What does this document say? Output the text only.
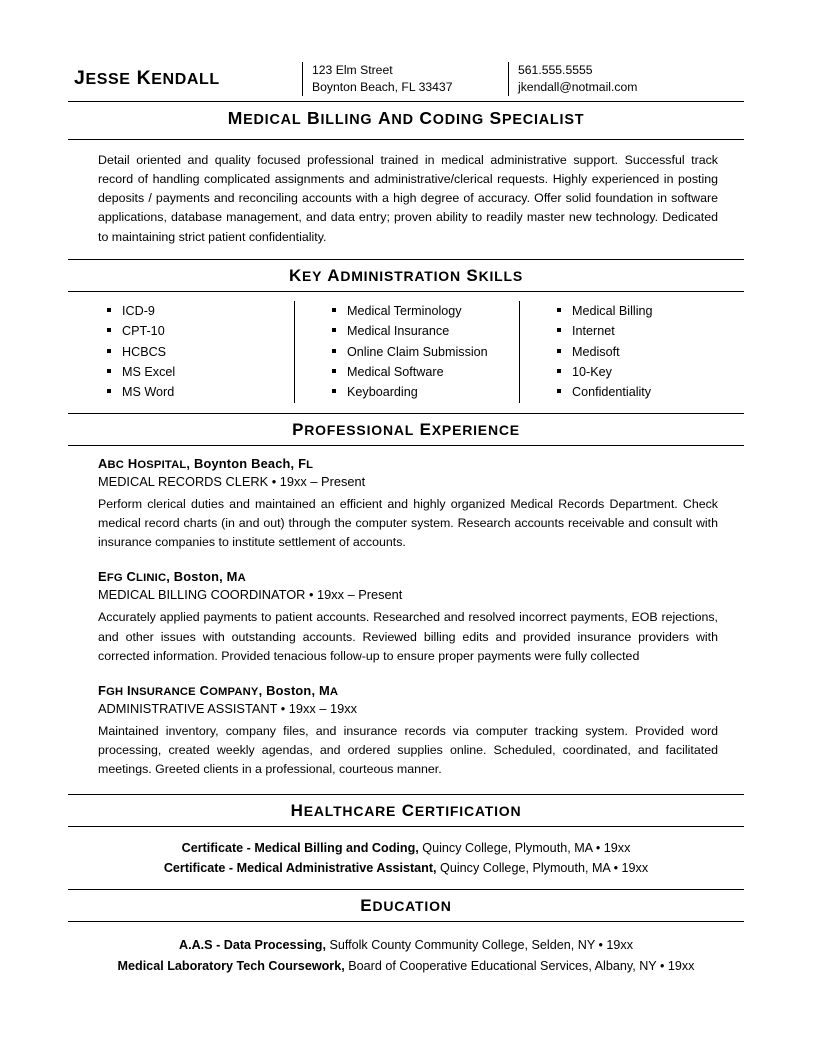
JESSE KENDALL

123 Elm Street
Boynton Beach, FL 33437

561.555.5555
jkendall@notmail.com
MEDICAL BILLING AND CODING SPECIALIST
Detail oriented and quality focused professional trained in medical administrative support. Successful track record of handling complicated assignments and administrative/clerical requests. Highly experienced in posting deposits / payments and reconciling accounts with a high degree of accuracy. Offer solid foundation in software applications, database management, and data entry; proven ability to readily master new technology. Dedicated to maintaining strict patient confidentiality.
KEY ADMINISTRATION SKILLS
ICD-9
CPT-10
HCBCS
MS Excel
MS Word
Medical Terminology
Medical Insurance
Online Claim Submission
Medical Software
Keyboarding
Medical Billing
Internet
Medisoft
10-Key
Confidentiality
PROFESSIONAL EXPERIENCE
ABC HOSPITAL, Boynton Beach, FL
MEDICAL RECORDS CLERK • 19xx – Present
Perform clerical duties and maintained an efficient and highly organized Medical Records Department. Check medical record charts (in and out) through the computer system. Research accounts receivable and consult with insurance companies to institute settlement of accounts.
EFG CLINIC, Boston, MA
MEDICAL BILLING COORDINATOR • 19xx – Present
Accurately applied payments to patient accounts. Researched and resolved incorrect payments, EOB rejections, and other issues with outstanding accounts. Reviewed billing edits and provided insurance providers with corrected information. Provided tenacious follow-up to ensure proper payments were fully collected
FGH INSURANCE COMPANY, Boston, MA
ADMINISTRATIVE ASSISTANT • 19xx – 19xx
Maintained inventory, company files, and insurance records via computer tracking system. Provided word processing, created weekly agendas, and ordered supplies online. Scheduled, coordinated, and facilitated meetings. Greeted clients in a professional, courteous manner.
HEALTHCARE CERTIFICATION
Certificate - Medical Billing and Coding, Quincy College, Plymouth, MA • 19xx
Certificate - Medical Administrative Assistant, Quincy College, Plymouth, MA • 19xx
EDUCATION
A.A.S - Data Processing, Suffolk County Community College, Selden, NY • 19xx
Medical Laboratory Tech Coursework, Board of Cooperative Educational Services, Albany, NY • 19xx
